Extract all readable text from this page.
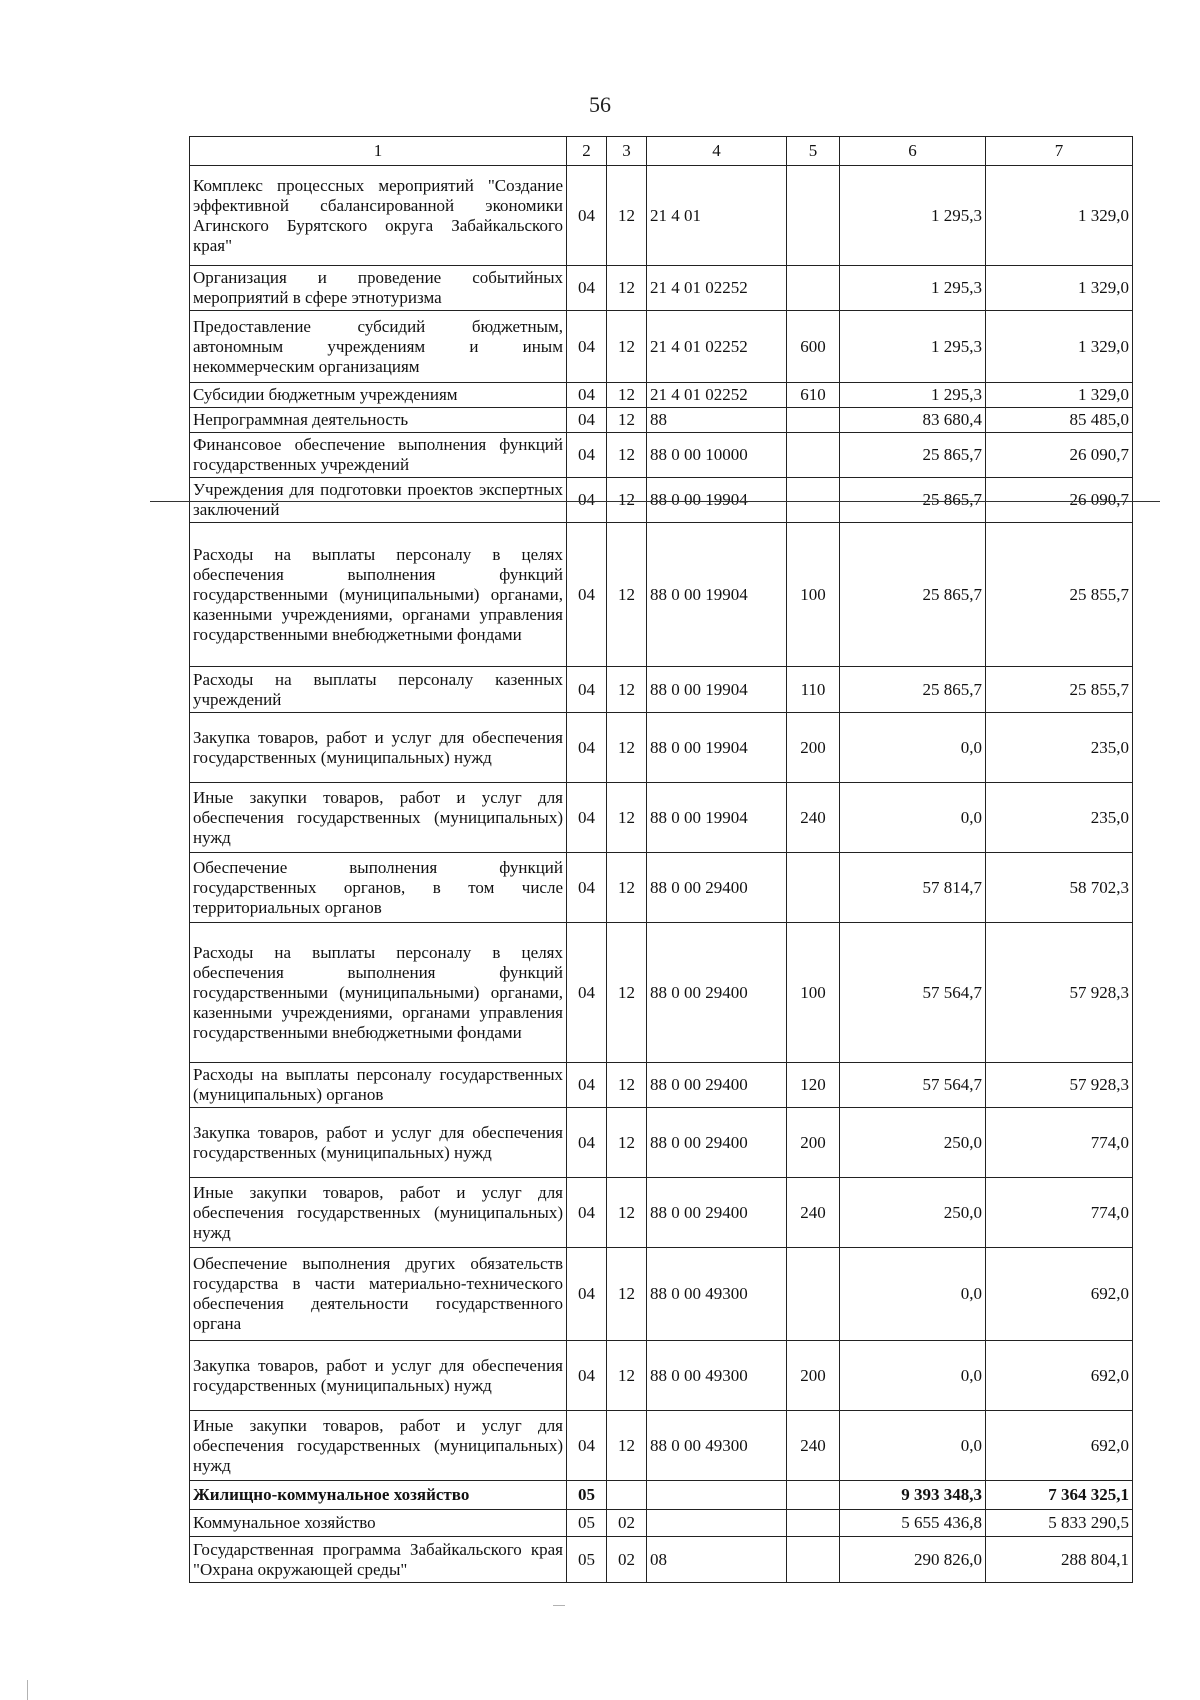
56
1	2	3	4	5	6	7
Комплекс процессных мероприятий "Создание эффективной сбалансированной экономики Агинского Бурятского округа Забайкальского края"	04	12	21 4 01		1 295,3	1 329,0
Организация и проведение событийных мероприятий в сфере этнотуризма	04	12	21 4 01 02252		1 295,3	1 329,0
Предоставление субсидий бюджетным, автономным учреждениям и иным некоммерческим организациям	04	12	21 4 01 02252	600	1 295,3	1 329,0
Субсидии бюджетным учреждениям	04	12	21 4 01 02252	610	1 295,3	1 329,0
Непрограммная деятельность	04	12	88		83 680,4	85 485,0
Финансовое обеспечение выполнения функций государственных учреждений	04	12	88 0 00 10000		25 865,7	26 090,7
Учреждения для подготовки проектов экспертных заключений	04	12	88 0 00 19904		25 865,7	26 090,7
Расходы на выплаты персоналу в целях обеспечения выполнения функций государственными (муниципальными) органами, казенными учреждениями, органами управления государственными внебюджетными фондами	04	12	88 0 00 19904	100	25 865,7	25 855,7
Расходы на выплаты персоналу казенных учреждений	04	12	88 0 00 19904	110	25 865,7	25 855,7
Закупка товаров, работ и услуг для обеспечения государственных (муниципальных) нужд	04	12	88 0 00 19904	200	0,0	235,0
Иные закупки товаров, работ и услуг для обеспечения государственных (муниципальных) нужд	04	12	88 0 00 19904	240	0,0	235,0
Обеспечение выполнения функций государственных органов, в том числе территориальных органов	04	12	88 0 00 29400		57 814,7	58 702,3
Расходы на выплаты персоналу в целях обеспечения выполнения функций государственными (муниципальными) органами, казенными учреждениями, органами управления государственными внебюджетными фондами	04	12	88 0 00 29400	100	57 564,7	57 928,3
Расходы на выплаты персоналу государственных (муниципальных) органов	04	12	88 0 00 29400	120	57 564,7	57 928,3
Закупка товаров, работ и услуг для обеспечения государственных (муниципальных) нужд	04	12	88 0 00 29400	200	250,0	774,0
Иные закупки товаров, работ и услуг для обеспечения государственных (муниципальных) нужд	04	12	88 0 00 29400	240	250,0	774,0
Обеспечение выполнения других обязательств государства в части материально-технического обеспечения деятельности государственного органа	04	12	88 0 00 49300		0,0	692,0
Закупка товаров, работ и услуг для обеспечения государственных (муниципальных) нужд	04	12	88 0 00 49300	200	0,0	692,0
Иные закупки товаров, работ и услуг для обеспечения государственных (муниципальных) нужд	04	12	88 0 00 49300	240	0,0	692,0
Жилищно-коммунальное хозяйство	05				9 393 348,3	7 364 325,1
Коммунальное хозяйство	05	02			5 655 436,8	5 833 290,5
Государственная программа Забайкальского края "Охрана окружающей среды"	05	02	08		290 826,0	288 804,1
